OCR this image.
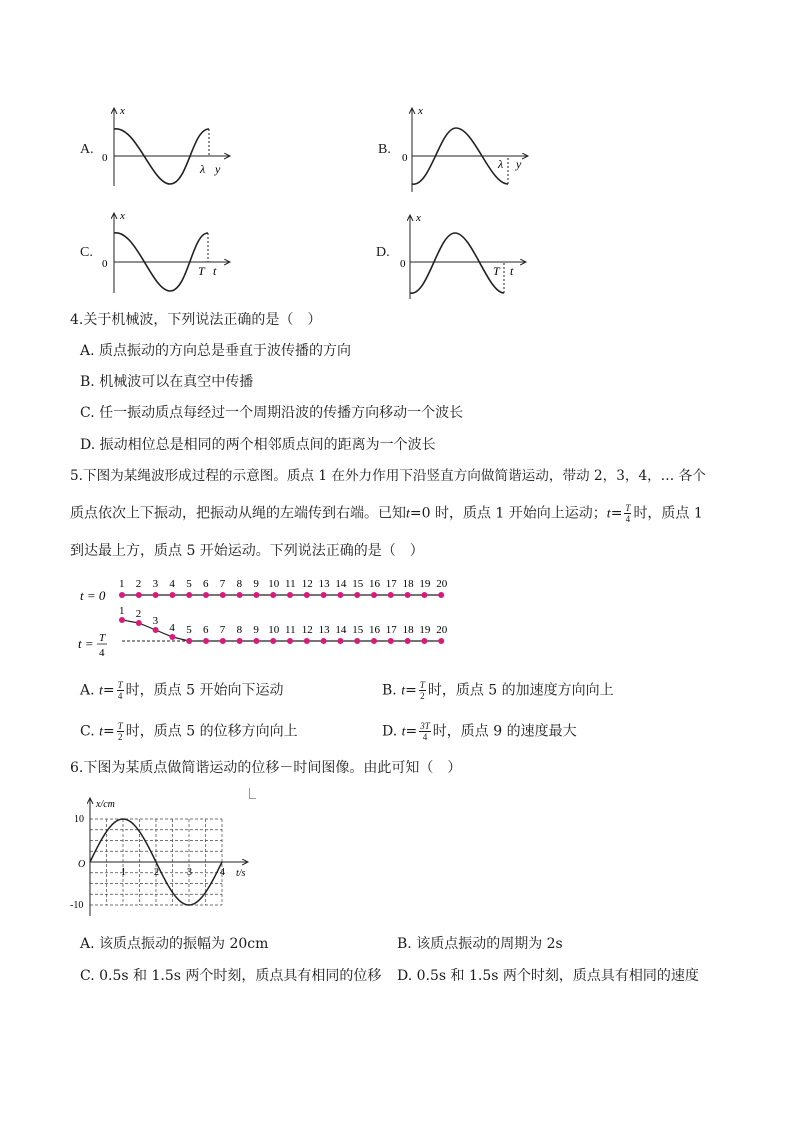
A.
x
0
λ y
B.
x
0	λ y
C.
x
0	T t
D.
x
0	T t
4.关于机械波，下列说法正确的是（　）
A. 质点振动的方向总是垂直于波传播的方向
B. 机械波可以在真空中传播
C. 任一振动质点每经过一个周期沿波的传播方向移动一个波长
D. 振动相位总是相同的两个相邻质点间的距离为一个波长
5.下图为某绳波形成过程的示意图。质点 1 在外力作用下沿竖直方向做简谐运动，带动 2，3，4，… 各个
质点依次上下振动，把振动从绳的左端传到右端。已知t=0 时，质点 1 开始向上运动；$t= \frac{T}{4}$ 时，质点 1
到达最上方，质点 5 开始运动。下列说法正确的是（　）
t = 0
t = T
4
1
1
2
2
3
3
4
4
5
5
6
6
7
7
8
8
9
9
10
10
11
11
12
12
13
13
14
14
15
15
16
16
17
17
18
18
19
19
20
20
A. $t= \frac{T}{4}$ 时，质点 5 开始向下运动	B. $t= \frac{T}{2}$ 时，质点 5 的加速度方向向上
C. $t= \frac{T}{2}$ 时，质点 5 的位移方向向上	D. $t= \frac{3T}{4}$ 时，质点 9 的速度最大
6.下图为某质点做简谐运动的位移－时间图像。由此可知（　）
x/cm
t/s
10
-10
O
1	2	3	4
A. 该质点振动的振幅为 20cm	B. 该质点振动的周期为 2s
C. 0.5s 和 1.5s 两个时刻，质点具有相同的位移 D. 0.5s 和 1.5s 两个时刻，质点具有相同的速度
